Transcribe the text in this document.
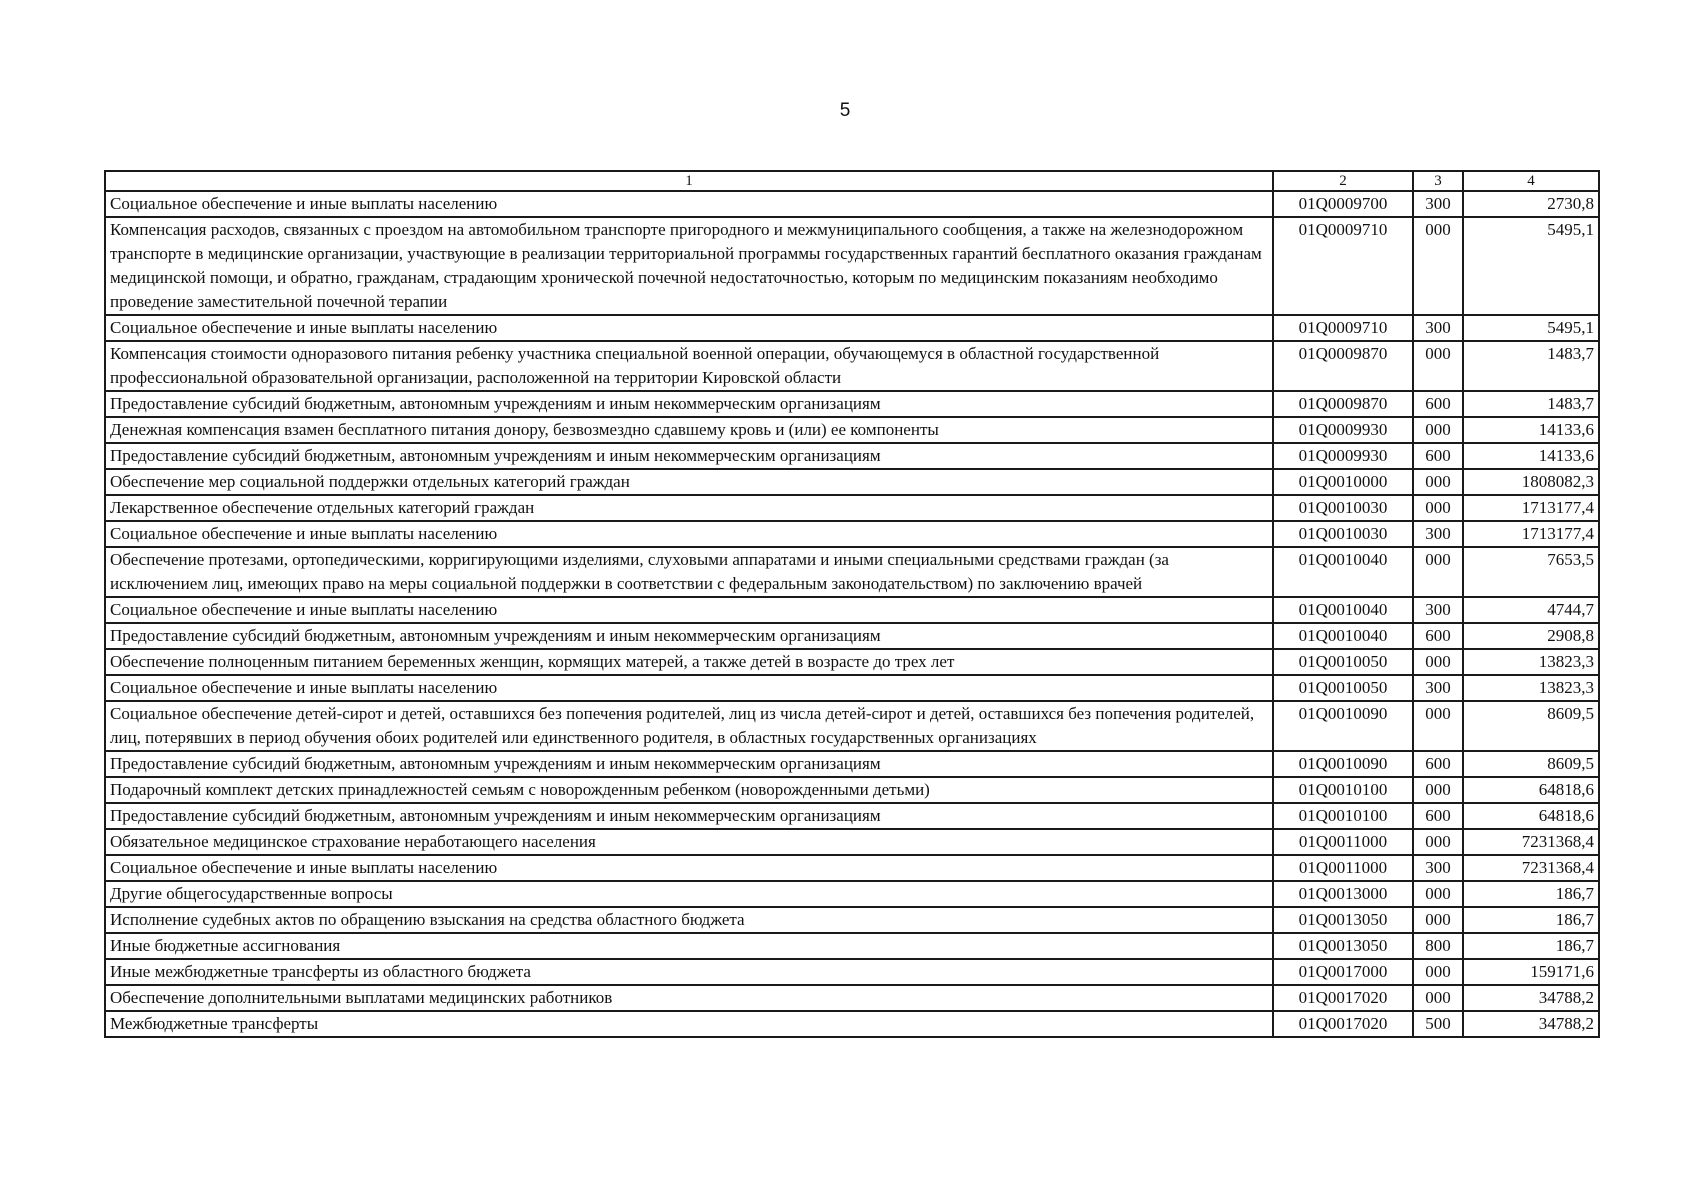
5
1	2	3	4
Социальное обеспечение и иные выплаты населению	01Q0009700	300	2730,8
Компенсация расходов, связанных с проездом на автомобильном транспорте пригородного и межмуниципального сообщения, а также на железнодорожном транспорте в медицинские организации, участвующие в реализации территориальной программы государственных гарантий бесплатного оказания гражданам медицинской помощи, и обратно, гражданам, страдающим хронической почечной недостаточностью, которым по медицинским показаниям необходимо проведение заместительной почечной терапии	01Q0009710	000	5495,1
Социальное обеспечение и иные выплаты населению	01Q0009710	300	5495,1
Компенсация стоимости одноразового питания ребенку участника специальной военной операции, обучающемуся в областной государственной профессиональной образовательной организации, расположенной на территории Кировской области	01Q0009870	000	1483,7
Предоставление субсидий бюджетным, автономным учреждениям и иным некоммерческим организациям	01Q0009870	600	1483,7
Денежная компенсация взамен бесплатного питания донору, безвозмездно сдавшему кровь и (или) ее компоненты	01Q0009930	000	14133,6
Предоставление субсидий бюджетным, автономным учреждениям и иным некоммерческим организациям	01Q0009930	600	14133,6
Обеспечение мер социальной поддержки отдельных категорий граждан	01Q0010000	000	1808082,3
Лекарственное обеспечение отдельных категорий граждан	01Q0010030	000	1713177,4
Социальное обеспечение и иные выплаты населению	01Q0010030	300	1713177,4
Обеспечение протезами, ортопедическими, корригирующими изделиями, слуховыми аппаратами и иными специальными средствами граждан (за исключением лиц, имеющих право на меры социальной поддержки в соответствии с федеральным законодательством) по заключению врачей	01Q0010040	000	7653,5
Социальное обеспечение и иные выплаты населению	01Q0010040	300	4744,7
Предоставление субсидий бюджетным, автономным учреждениям и иным некоммерческим организациям	01Q0010040	600	2908,8
Обеспечение полноценным питанием беременных женщин, кормящих матерей, а также детей в возрасте до трех лет	01Q0010050	000	13823,3
Социальное обеспечение и иные выплаты населению	01Q0010050	300	13823,3
Социальное обеспечение детей-сирот и детей, оставшихся без попечения родителей, лиц из числа детей-сирот и детей, оставшихся без попечения родителей, лиц, потерявших в период обучения обоих родителей или единственного родителя, в областных государственных организациях	01Q0010090	000	8609,5
Предоставление субсидий бюджетным, автономным учреждениям и иным некоммерческим организациям	01Q0010090	600	8609,5
Подарочный комплект детских принадлежностей семьям с новорожденным ребенком (новорожденными детьми)	01Q0010100	000	64818,6
Предоставление субсидий бюджетным, автономным учреждениям и иным некоммерческим организациям	01Q0010100	600	64818,6
Обязательное медицинское страхование неработающего населения	01Q0011000	000	7231368,4
Социальное обеспечение и иные выплаты населению	01Q0011000	300	7231368,4
Другие общегосударственные вопросы	01Q0013000	000	186,7
Исполнение судебных актов по обращению взыскания на средства областного бюджета	01Q0013050	000	186,7
Иные бюджетные ассигнования	01Q0013050	800	186,7
Иные межбюджетные трансферты из областного бюджета	01Q0017000	000	159171,6
Обеспечение дополнительными выплатами медицинских работников	01Q0017020	000	34788,2
Межбюджетные трансферты	01Q0017020	500	34788,2
